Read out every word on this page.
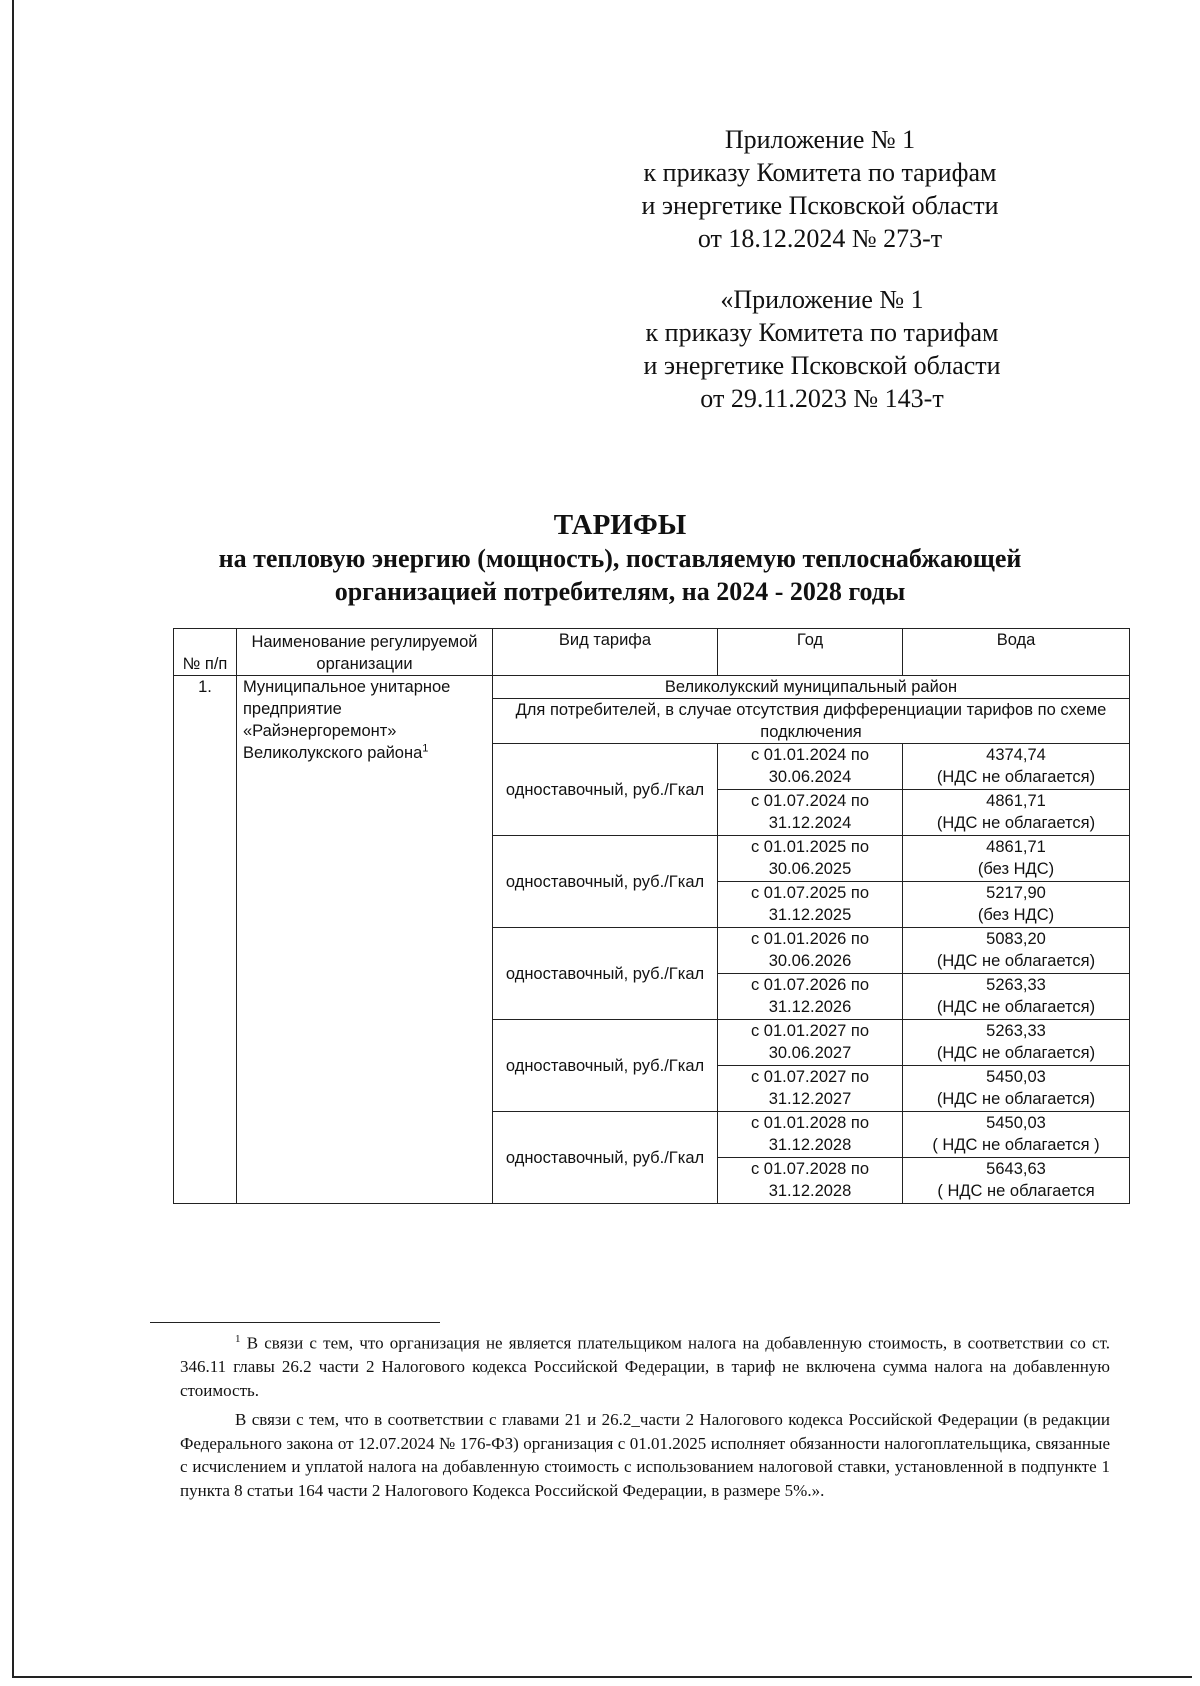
Приложение № 1
к приказу Комитета по тарифам
и энергетике Псковской области
от 18.12.2024 № 273-т
«Приложение № 1
к приказу Комитета по тарифам
и энергетике Псковской области
от 29.11.2023 № 143-т
ТАРИФЫ
на тепловую энергию (мощность), поставляемую теплоснабжающей
организацией потребителям, на 2024 - 2028 годы
№ п/п	Наименование регулируемой организации	Вид тарифа	Год	Вода
1.	Муниципальное унитарное предприятие «Райэнергоремонт» Великолукского района$^1$	Великолукский муниципальный район		
		Для потребителей, в случае отсутствия дифференциации тарифов по схеме подключения		
		одноставочный, руб./Гкал	с 01.01.2024 по 30.06.2024	4374,74
(НДС не облагается)

			с 01.07.2024 по 31.12.2024	4861,71
(НДС не облагается)

		одноставочный, руб./Гкал	с 01.01.2025 по 30.06.2025	4861,71
(без НДС)

			с 01.07.2025 по 31.12.2025	5217,90
(без НДС)

		одноставочный, руб./Гкал	с 01.01.2026 по 30.06.2026	5083,20
(НДС не облагается)

			с 01.07.2026 по 31.12.2026	5263,33
(НДС не облагается)

		одноставочный, руб./Гкал	с 01.01.2027 по 30.06.2027	5263,33
(НДС не облагается)

			с 01.07.2027 по 31.12.2027	5450,03
(НДС не облагается)

		одноставочный, руб./Гкал	с 01.01.2028 по 31.12.2028	5450,03
( НДС не облагается )

			с 01.07.2028 по 31.12.2028	5643,63
( НДС не облагается

$^1$ В связи с тем, что организация не является плательщиком налога на добавленную стоимость, в соответствии со ст. 346.11 главы 26.2 части 2 Налогового кодекса Российской Федерации, в тариф не включена сумма налога на добавленную стоимость.

В связи с тем, что в соответствии с главами 21 и 26.2_части 2 Налогового кодекса Российской Федерации (в редакции Федерального закона от 12.07.2024 № 176-ФЗ) организация с 01.01.2025 исполняет обязанности налогоплательщика, связанные с исчислением и уплатой налога на добавленную стоимость с использованием налоговой ставки, установленной в подпункте 1 пункта 8 статьи 164 части 2 Налогового Кодекса Российской Федерации, в размере 5%.».
